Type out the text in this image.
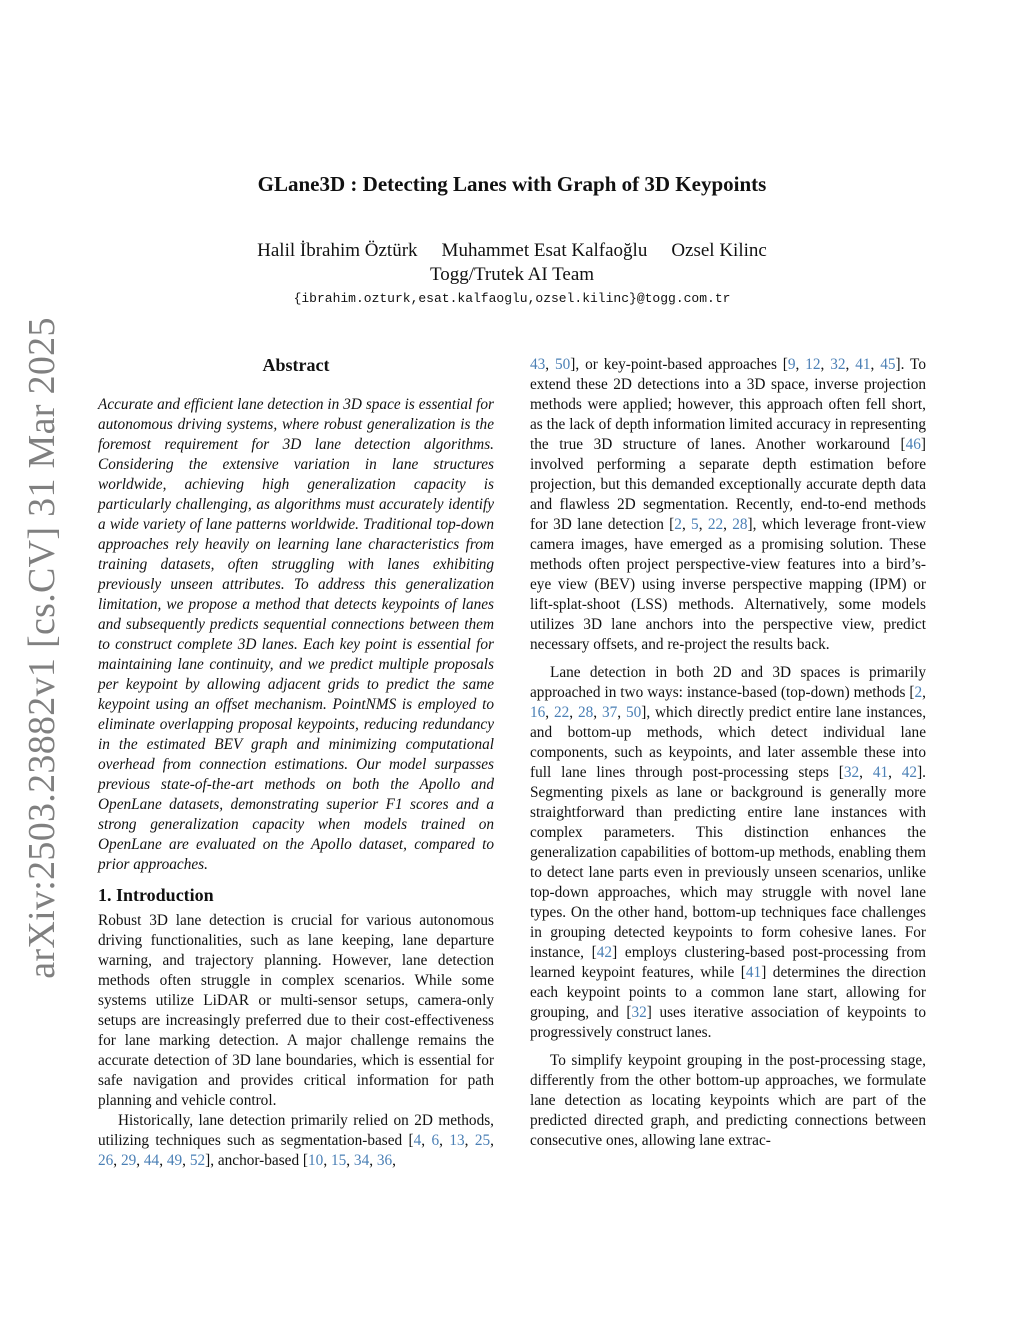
arXiv:2503.23882v1 [cs.CV] 31 Mar 2025
GLane3D : Detecting Lanes with Graph of 3D Keypoints
Halil İbrahim Öztürk Muhammet Esat Kalfaoğlu Ozsel Kilinc
Togg/Trutek AI Team
{ibrahim.ozturk,esat.kalfaoglu,ozsel.kilinc}@togg.com.tr
Abstract

Accurate and efficient lane detection in 3D space is essential for autonomous driving systems, where robust generalization is the foremost requirement for 3D lane detection algorithms. Considering the extensive variation in lane structures worldwide, achieving high generalization capacity is particularly challenging, as algorithms must accurately identify a wide variety of lane patterns worldwide. Traditional top-down approaches rely heavily on learning lane characteristics from training datasets, often struggling with lanes exhibiting previously unseen attributes. To address this generalization limitation, we propose a method that detects keypoints of lanes and subsequently predicts sequential connections between them to construct complete 3D lanes. Each key point is essential for maintaining lane continuity, and we predict multiple proposals per keypoint by allowing adjacent grids to predict the same keypoint using an offset mechanism. PointNMS is employed to eliminate overlapping proposal keypoints, reducing redundancy in the estimated BEV graph and minimizing computational overhead from connection estimations. Our model surpasses previous state-of-the-art methods on both the Apollo and OpenLane datasets, demonstrating superior F1 scores and a strong generalization capacity when models trained on OpenLane are evaluated on the Apollo dataset, compared to prior approaches.

1. Introduction

Robust 3D lane detection is crucial for various autonomous driving functionalities, such as lane keeping, lane departure warning, and trajectory planning. However, lane detection methods often struggle in complex scenarios. While some systems utilize LiDAR or multi-sensor setups, camera-only setups are increasingly preferred due to their cost-effectiveness for lane marking detection. A major challenge remains the accurate detection of 3D lane boundaries, which is essential for safe navigation and provides critical information for path planning and vehicle control.

Historically, lane detection primarily relied on 2D methods, utilizing techniques such as segmentation-based [4, 6, 13, 25, 26, 29, 44, 49, 52], anchor-based [10, 15, 34, 36,

43, 50], or key-point-based approaches [9, 12, 32, 41, 45]. To extend these 2D detections into a 3D space, inverse projection methods were applied; however, this approach often fell short, as the lack of depth information limited accuracy in representing the true 3D structure of lanes. Another workaround [46] involved performing a separate depth estimation before projection, but this demanded exceptionally accurate depth data and flawless 2D segmentation. Recently, end-to-end methods for 3D lane detection [2, 5, 22, 28], which leverage front-view camera images, have emerged as a promising solution. These methods often project perspective-view features into a bird’s-eye view (BEV) using inverse perspective mapping (IPM) or lift-splat-shoot (LSS) methods. Alternatively, some models utilizes 3D lane anchors into the perspective view, predict necessary offsets, and re-project the results back.

Lane detection in both 2D and 3D spaces is primarily approached in two ways: instance-based (top-down) methods [2, 16, 22, 28, 37, 50], which directly predict entire lane instances, and bottom-up methods, which detect individual lane components, such as keypoints, and later assemble these into full lane lines through post-processing steps [32, 41, 42]. Segmenting pixels as lane or background is generally more straightforward than predicting entire lane instances with complex parameters. This distinction enhances the generalization capabilities of bottom-up methods, enabling them to detect lane parts even in previously unseen scenarios, unlike top-down approaches, which may struggle with novel lane types. On the other hand, bottom-up techniques face challenges in grouping detected keypoints to form cohesive lanes. For instance, [42] employs clustering-based post-processing from learned keypoint features, while [41] determines the direction each keypoint points to a common lane start, allowing for grouping, and [32] uses iterative association of keypoints to progressively construct lanes.

To simplify keypoint grouping in the post-processing stage, differently from the other bottom-up approaches, we formulate lane detection as locating keypoints which are part of the predicted directed graph, and predicting connections between consecutive ones, allowing lane extrac-
